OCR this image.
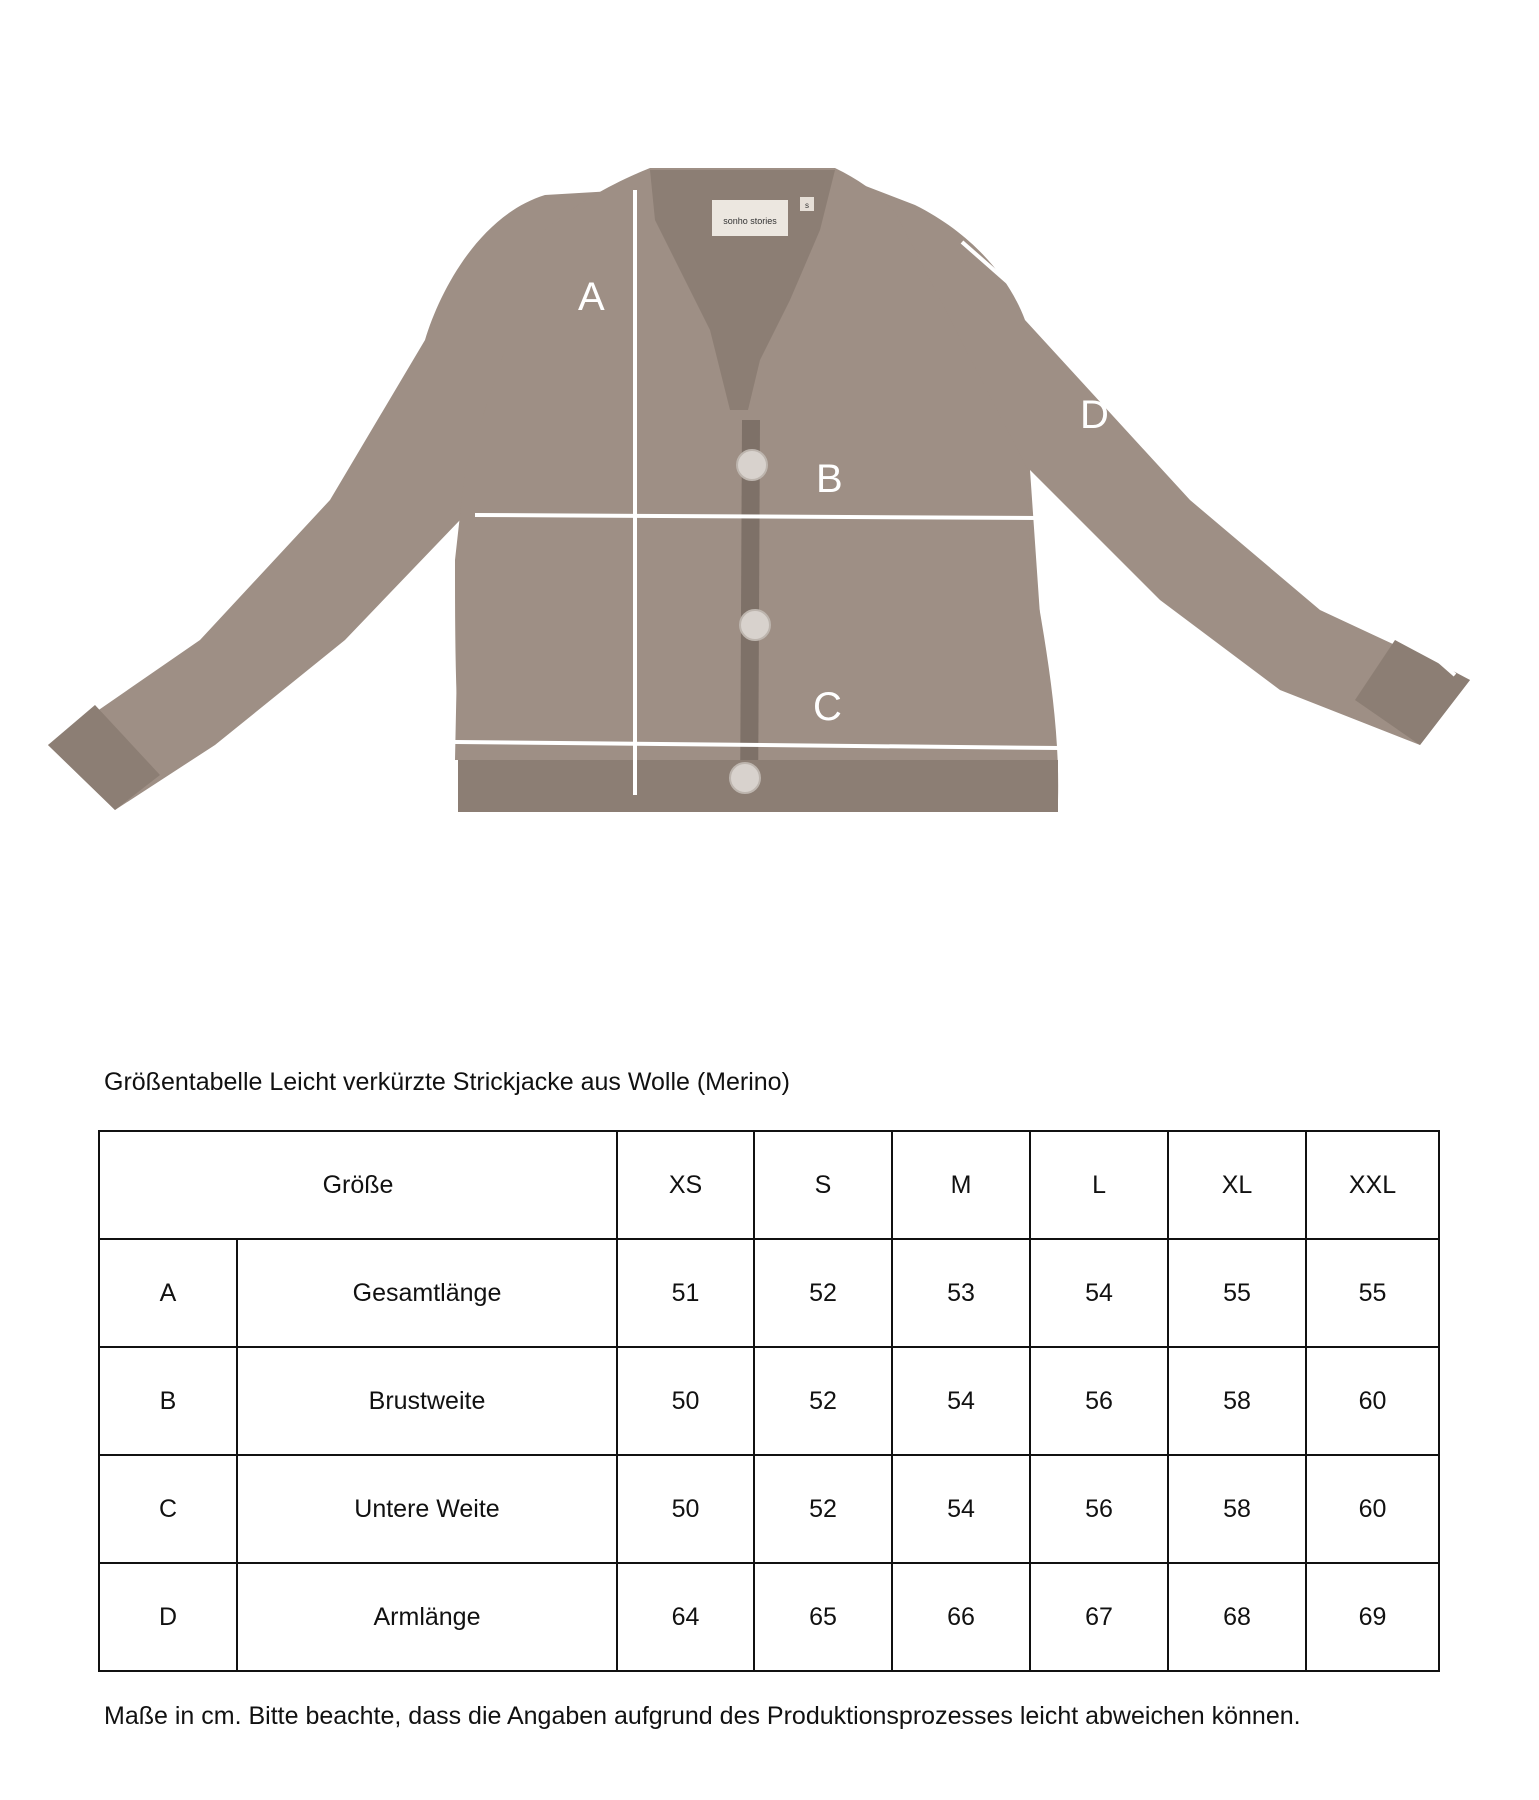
sonho stories
s
A
B
C
D
Größentabelle Leicht verkürzte Strickjacke aus Wolle (Merino)
Größe		XS	S	M	L	XL	XXL
A	Gesamtlänge	51	52	53	54	55	55
B	Brustweite	50	52	54	56	58	60
C	Untere Weite	50	52	54	56	58	60
D	Armlänge	64	65	66	67	68	69
Maße in cm. Bitte beachte, dass die Angaben aufgrund des Produktionsprozesses leicht abweichen können.
